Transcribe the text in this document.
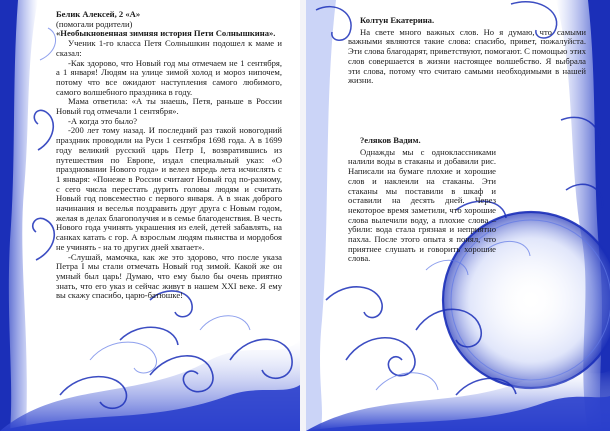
Белик Алексей, 2 «А»

(помогали родители)

«Необыкновенная зимняя история Пети Солнышкина».

Ученик 1-го класса Петя Солнышкин подошел к маме и сказал:

-Как здорово, что Новый год мы отмечаем не 1 сентября, а 1 января! Людям на улице зимой холод и мороз нипочем, потому что все ожидают наступления самого любимого, самого волшебного праздника в году.

Мама ответила: «А ты знаешь, Петя, раньше в России Новый год отмечали 1 сентября».

-А когда это было?

-200 лет тому назад. И последний раз такой новогодний праздник проводили на Руси 1 сентября 1698 года. А в 1699 году великий русский царь Петр I, возвратившись из путешествия по Европе, издал специальный указ: «О праздновании Нового года» и велел впредь лета исчислять с 1 января: «Понеже в России считают Новый год по-разному, с сего числа перестать дурить головы людям и считать Новый год повсеместно с первого января. А в знак доброго начинания и веселья поздравить друг друга с Новым годом, желая в делах благополучия и в семье благоденствия. В честь Нового года учинять украшения из елей, детей забавлять, на санках катать с гор. А взрослым людям пьянства и мордобоя не учинять - на то других дней хватает».

-Слушай, мамочка, как же это здорово, что после указа Петра I мы стали отмечать Новый год зимой. Какой же он умный был царь! Думаю, что ему было бы очень приятно знать, что его указ и сейчас живут в нашем XXI веке. Я ему вы скажу спасибо, царю-батюшке!

Колтун Екатерина.

На свете много важных слов. Но я думаю, что самыми важными являются такие слова: спасибо, привет, пожалуйста. Эти слова благодарят, приветствуют, помогают. С помощью этих слов совершается в жизни настоящее волшебство. Я выбрала эти слова, потому что считаю самыми необходимыми в нашей жизни.

?еляков Вадим.

Однажды мы с одноклассниками налили воды в стаканы и добавили рис. Написали на бумаге плохие и хорошие слов и наклеили на стаканы. Эти стаканы мы поставили в шкаф и оставили на десять дней. Через некоторое время заметили, что хорошие слова вылечили воду, а плохие слова – убили: вода стала грязная и неприятно пахла. После этого опыта я понял, что приятнее слушать и говорить хорошие слова.
